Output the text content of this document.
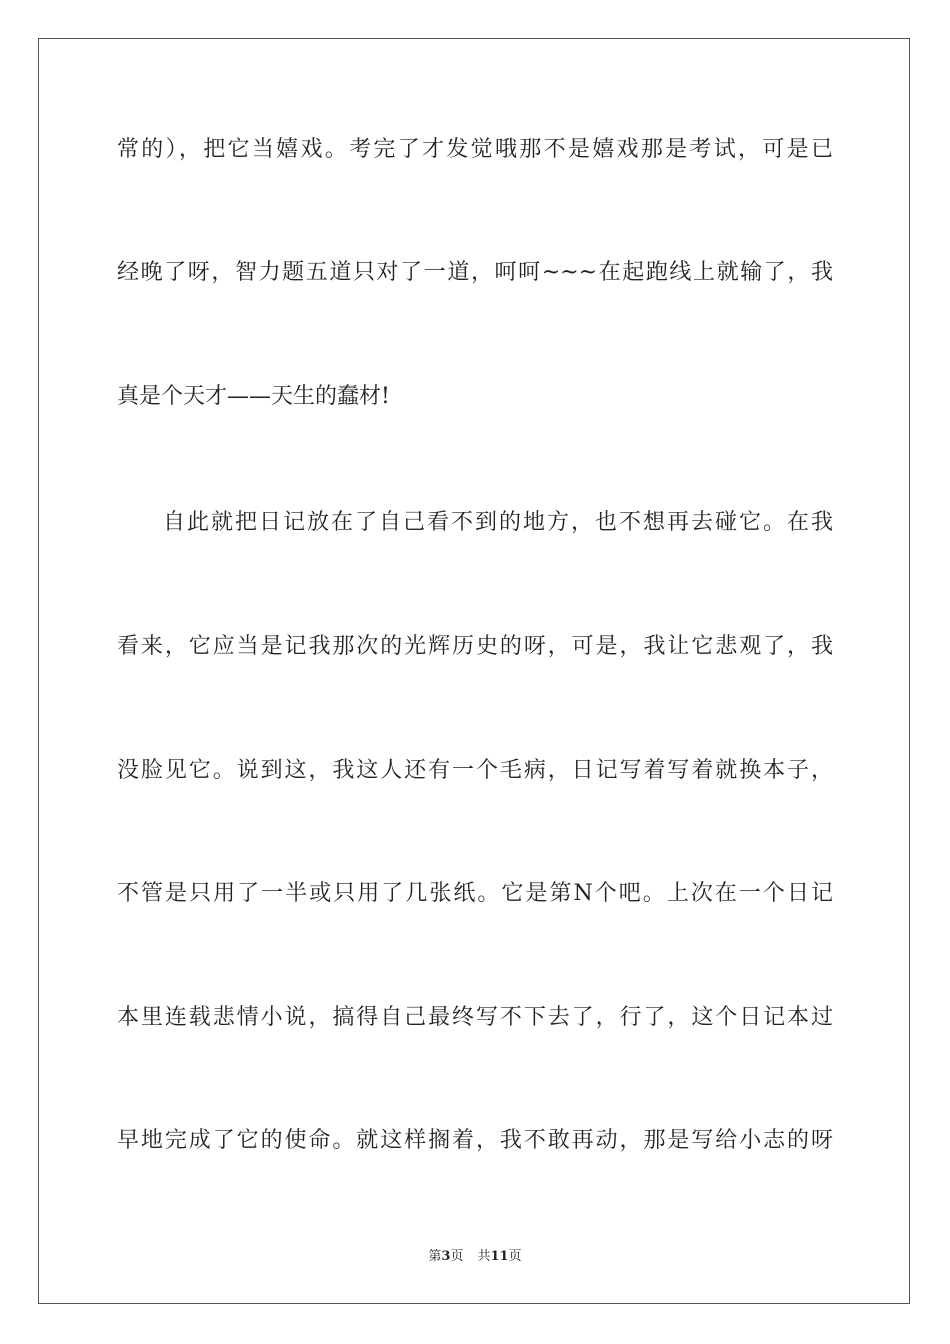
常的），把它当嬉戏。考完了才发觉哦那不是嬉戏那是考试，可是已
经晚了呀，智力题五道只对了一道，呵呵~~~在起跑线上就输了，我
真是个天才——天生的蠢材!
自此就把日记放在了自己看不到的地方，也不想再去碰它。在我
看来，它应当是记我那次的光辉历史的呀，可是，我让它悲观了，我
没脸见它。说到这，我这人还有一个毛病，日记写着写着就换本子，
不管是只用了一半或只用了几张纸。它是第N个吧。上次在一个日记
本里连载悲情小说，搞得自己最终写不下去了，行了，这个日记本过
早地完成了它的使命。就这样搁着，我不敢再动，那是写给小志的呀
第3页 共11页
